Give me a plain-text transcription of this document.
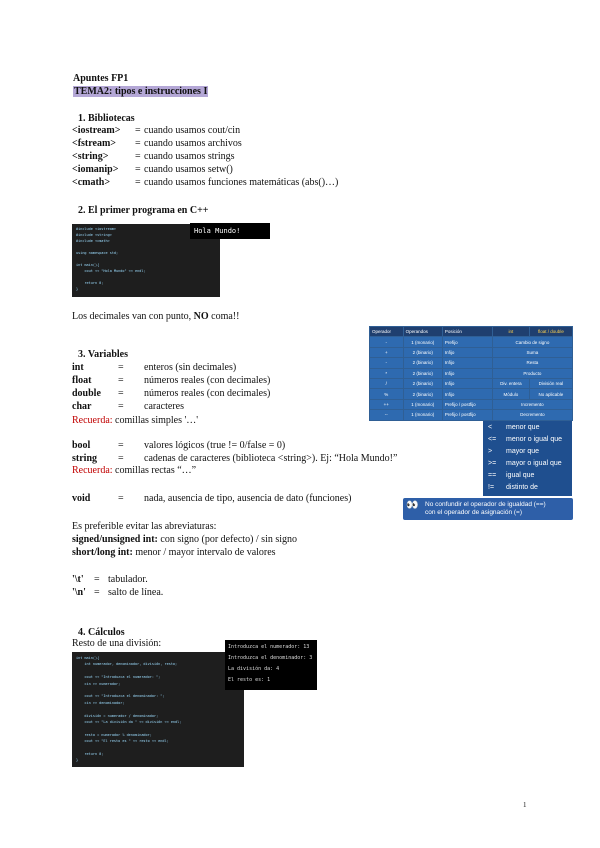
Apuntes FP1
TEMA2: tipos e instrucciones I
1. Bibliotecas
<iostream> = cuando usamos cout/cin
<fstream> = cuando usamos archivos
<string>	= cuando usamos strings
<iomanip> = cuando usamos setw()
<cmath> = cuando usamos funciones matemáticas (abs()…)
2. El primer programa en C++
#include <iostream>
#include <string>
#include <cmath>
using namespace std;
int main(){
cout << "Hola Mundo" << endl;
return 0;
}
Hola Mundo!
Los decimales van con punto, NO coma!!
Operador	Operandos	Posición	int	float / double
-	1 (monario)	Prefijo	Cambio de signo	
+	2 (binario)	Infijo	Suma	
-	2 (binario)	Infijo	Resta	
*	2 (binario)	Infijo	Producto	
/	2 (binario)	Infijo	Div. entera	División real
%	2 (binario)	Infijo	Módulo	No aplicable
++	1 (monario)	Prefijo / postfijo	Incremento	
--	1 (monario)	Prefijo / postfijo	Decremento	
3. Variables
int	= enteros (sin decimales)
float	= números reales (con decimales)
double = números reales (con decimales)
char	= caracteres
Recuerda: comillas simples '…'
bool	= valores lógicos (true != 0/false = 0)
string = cadenas de caracteres (biblioteca <string>). Ej: “Hola Mundo!”
Recuerda: comillas rectas “…”
void	= nada, ausencia de tipo, ausencia de dato (funciones)
< menor que
<= menor o igual que
> mayor que
>= mayor o igual que
== igual que
!= distinto de
👀 No confundir el operador de igualdad (==)
con el operador de asignación (=)
Es preferible evitar las abreviaturas:
signed/unsigned int: con signo (por defecto) / sin signo
short/long int: menor / mayor intervalo de valores
'\t' = tabulador.
'\n' = salto de línea.
4. Cálculos
Resto de una división:
int main(){
int numerador, denominador, división, resto;
cout << "Introduzca el numerador: ";
cin >> numerador;
cout << "Introduzca el denominador: ";
cin >> denominador;
división = numerador / denominador;
cout << "La división da " << división << endl;
resto = numerador % denominador;
cout << "El resto es " << resto << endl;
return 0;
}
Introduzca el numerador: 13
Introduzca el denominador: 3
La división da: 4
El resto es: 1
1
